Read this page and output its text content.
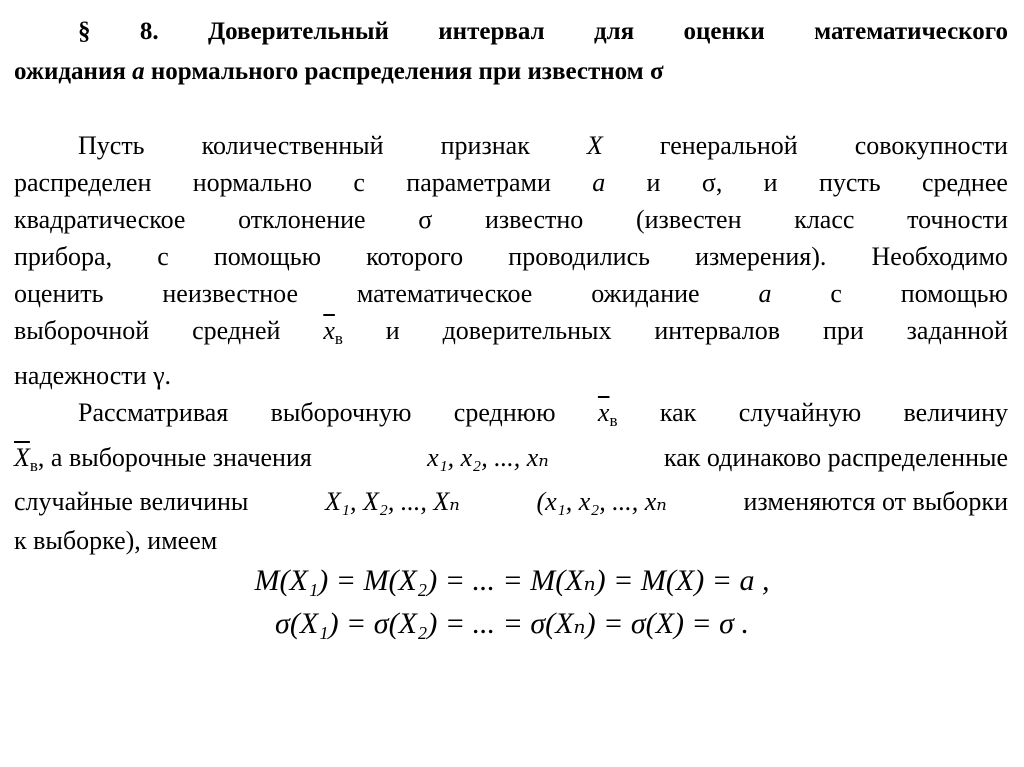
§ 8. Доверительный интервал для оценки математического
ожидания a нормального распределения при известном σ
Пусть количественный признак X генеральной совокупности
распределен нормально с параметрами a и σ, и пусть среднее
квадратическое отклонение σ известно (известен класс точности
прибора, с помощью которого проводились измерения). Необходимо
оценить неизвестное математическое ожидание a с помощью
выборочной средней $\overline{x}_в$ и доверительных интервалов при заданной
надежности γ.
Рассматривая выборочную среднюю $\overline{x}_в$ как случайную величину
$\overline{X}_в$, а выборочные значения	x₁, x₂, ..., xₙ	как одинаково распределенные
случайные величины	X₁, X₂, ..., Xₙ	(x₁, x₂, ..., xₙ	изменяются от выборки
к выборке), имеем
M(X₁) = M(X₂) = ... = M(Xₙ) = M(X) = a ,
σ(X₁) = σ(X₂) = ... = σ(Xₙ) = σ(X) = σ .
